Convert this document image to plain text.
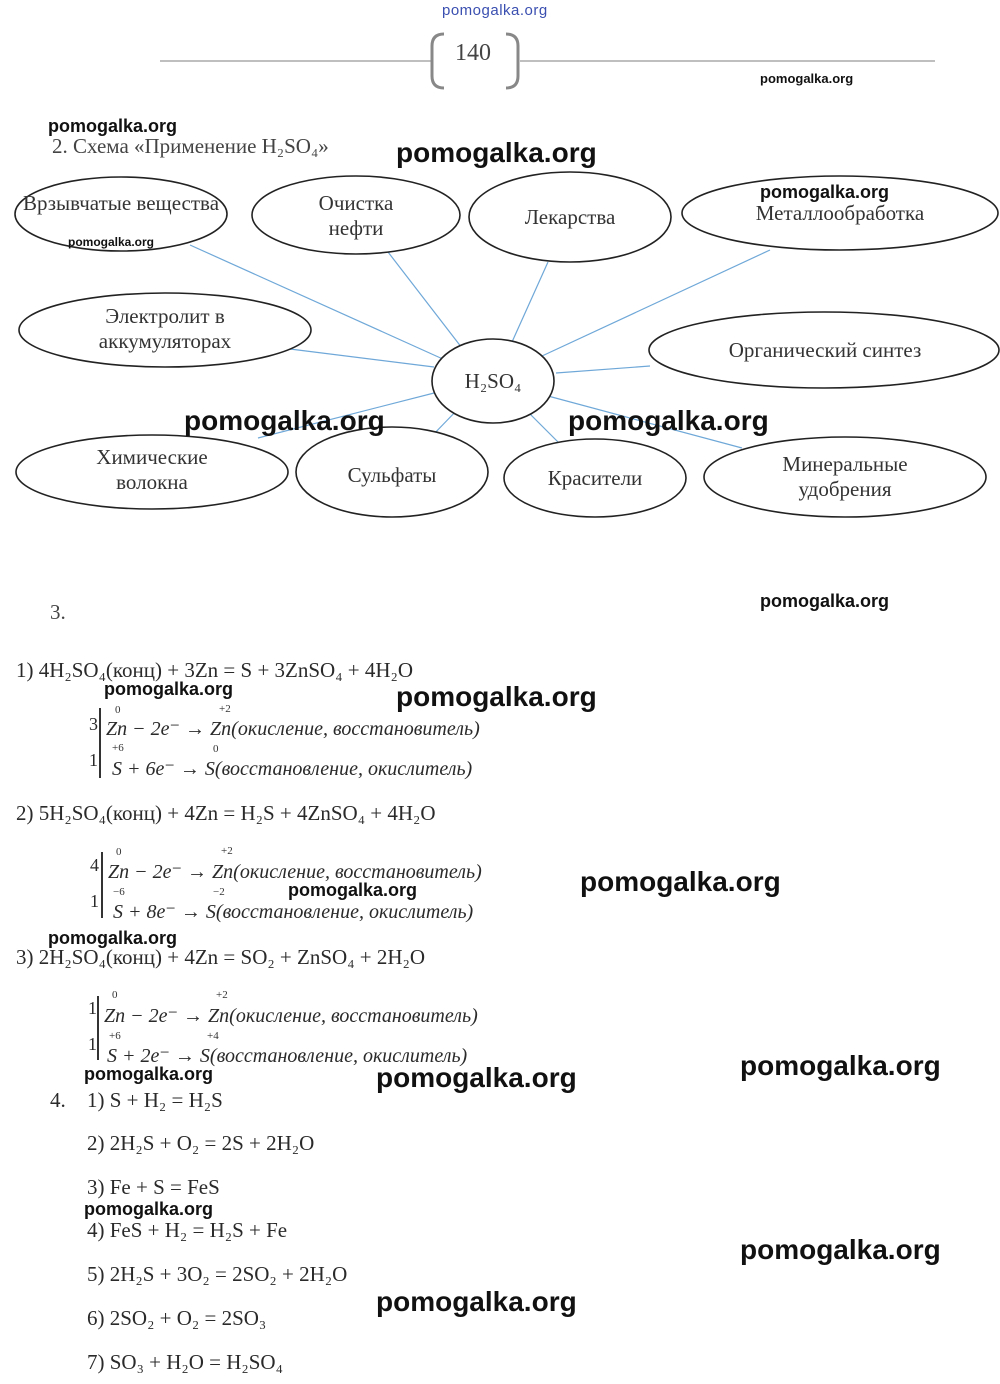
pomogalka.org
140
pomogalka.org
pomogalka.org
2. Схема «Применение H₂SO₄» pomogalka.org
Врзывчатые вещества	Очистка нефти	Лекарства	Металлообработка
Электролит в аккумуляторах	Органический синтез
H₂SO₄
Химические волокна	Сульфаты	Красители
Минеральные удобрения
pomogalka.org
pomogalka.org
pomogalka.org	pomogalka.org
3.	pomogalka.org
1) 4H₂SO₄(конц) + 3Zn = S + 3ZnSO₄ + 4H₂O
pomogalka.org	pomogalka.org
3
0	+2
Zn − 2e⁻ → Zn(окисление, восстановитель)
1
+6	0
S + 6e⁻ → S(восстановление, окислитель)
2) 5H₂SO₄(конц) + 4Zn = H₂S + 4ZnSO₄ + 4H₂O
4
0	+2
Zn − 2e⁻ → Zn(окисление, восстановитель)
pomogalka.org	pomogalka.org
1 −6	−2
S + 8e⁻ → S(восстановление, окислитель)
pomogalka.org
3) 2H₂SO₄(конц) + 4Zn = SO₂ + ZnSO₄ + 2H₂O
1
0	+2
Zn − 2e⁻ → Zn(окисление, восстановитель)
1 +6	+4
S + 2e⁻ → S(восстановление, окислитель)
pomogalka.org	pomogalka.org	pomogalka.org
4. 1) S + H₂ = H₂S
2) 2H₂S + O₂ = 2S + 2H₂O
3) Fe + S = FeS
pomogalka.org
4) FeS + H₂ = H₂S + Fe
pomogalka.org
5) 2H₂S + 3O₂ = 2SO₂ + 2H₂O
pomogalka.org
6) 2SO₂ + O₂ = 2SO₃
7) SO₃ + H₂O = H₂SO₄
